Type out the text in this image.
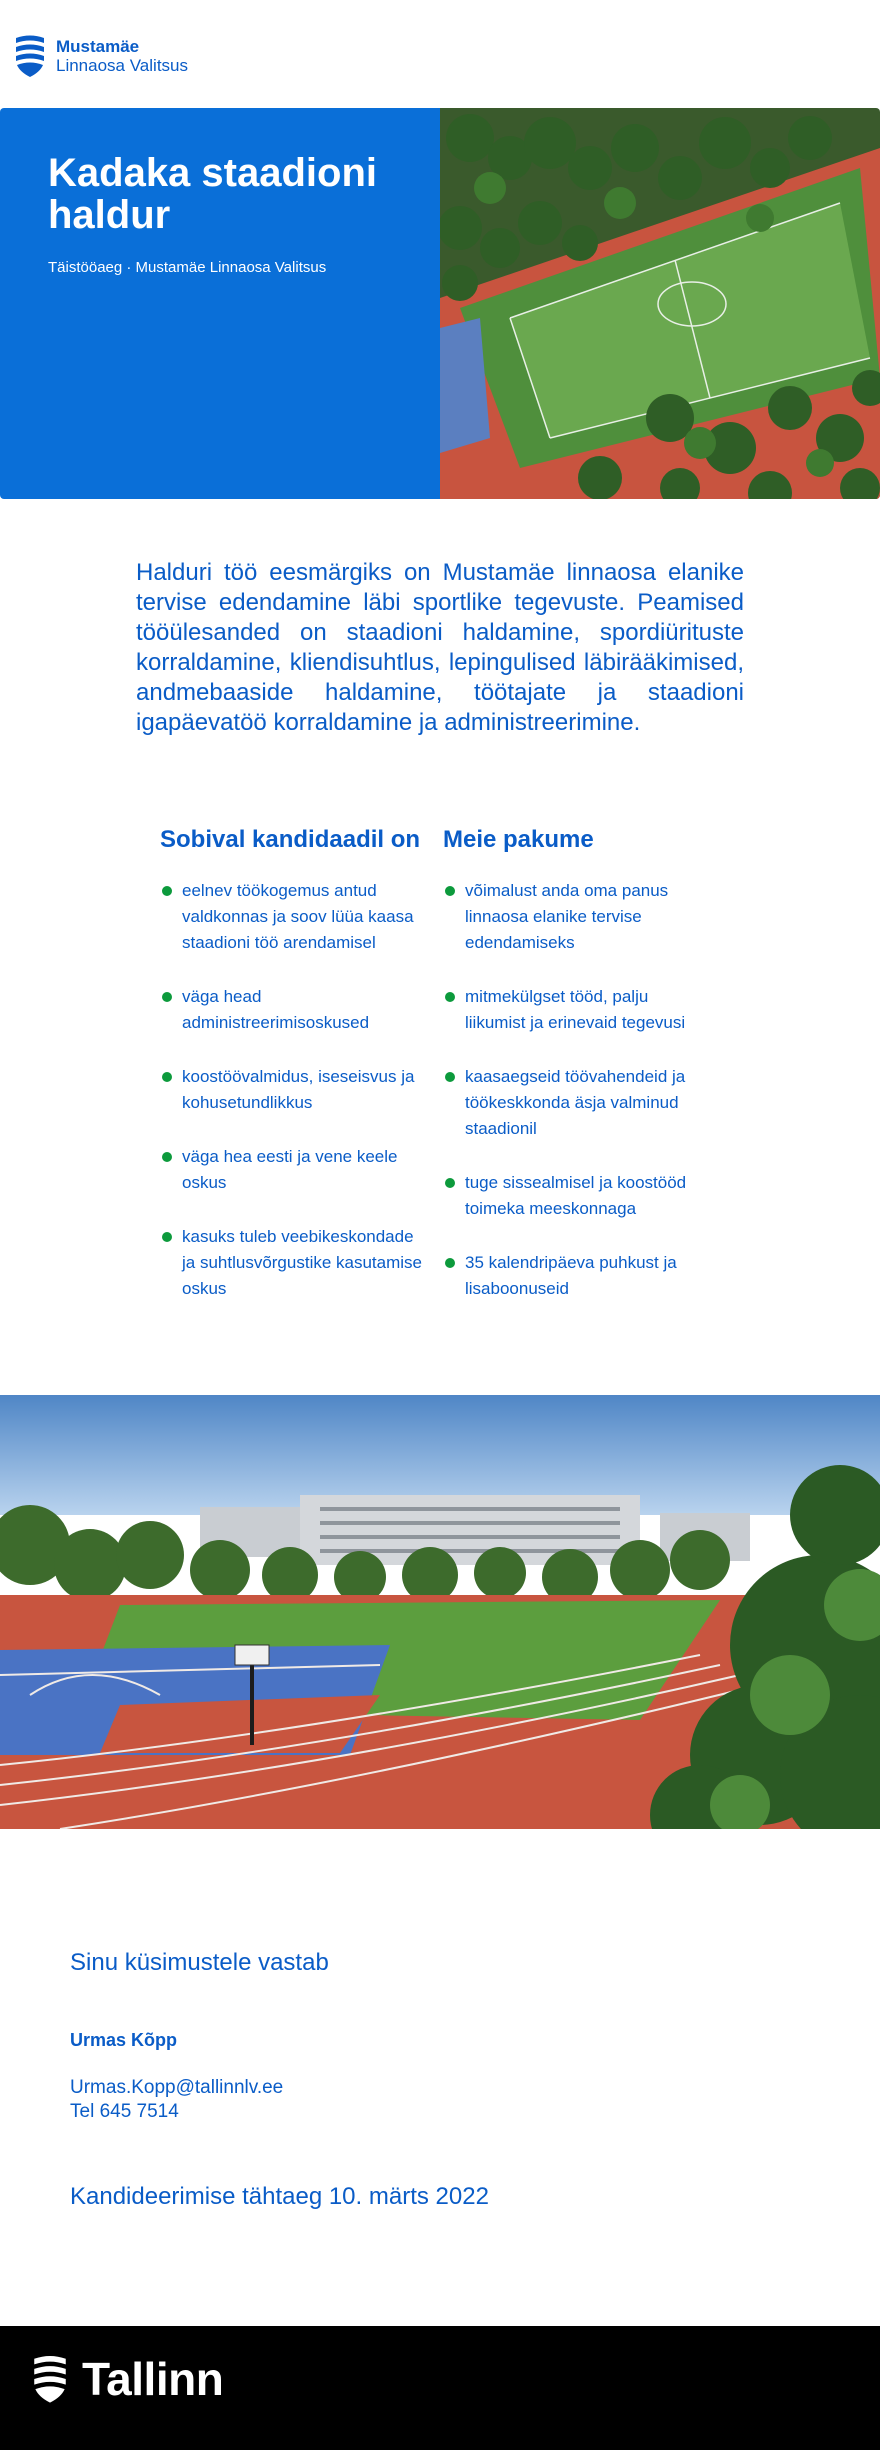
Mustamäe
Linnaosa Valitsus
Kadaka staadioni haldur
Täistööaeg · Mustamäe Linnaosa Valitsus

Halduri töö eesmärgiks on Mustamäe linnaosa elanike tervise edendamine läbi sportlike tegevuste. Peamised tööülesanded on staadioni haldamine, spordiürituste korraldamine, kliendisuhtlus, lepingulised läbirääkimised, andmebaaside haldamine, töötajate ja staadioni igapäevatöö korraldamine ja administreerimine.

Sobival kandidaadil on
eelnev töökogemus antud valdkonnas ja soov lüüa kaasa staadioni töö arendamisel
väga head administreerimisoskused
koostöövalmidus, iseseisvus ja kohusetundlikkus
väga hea eesti ja vene keele oskus
kasuks tuleb veebikeskondade ja suhtlusvõrgustike kasutamise oskus
Meie pakume
võimalust anda oma panus linnaosa elanike tervise edendamiseks
mitmekülgset tööd, palju liikumist ja erinevaid tegevusi
kaasaegseid töövahendeid ja töökeskkonda äsja valminud staadionil
tuge sissealmisel ja koostööd toimeka meeskonnaga
35 kalendripäeva puhkust ja lisaboonuseid
Sinu küsimustele vastab
Urmas Kõpp
Urmas.Kopp@tallinnlv.ee
Tel 645 7514
Kandideerimise tähtaeg 10. märts 2022
Tallinn
